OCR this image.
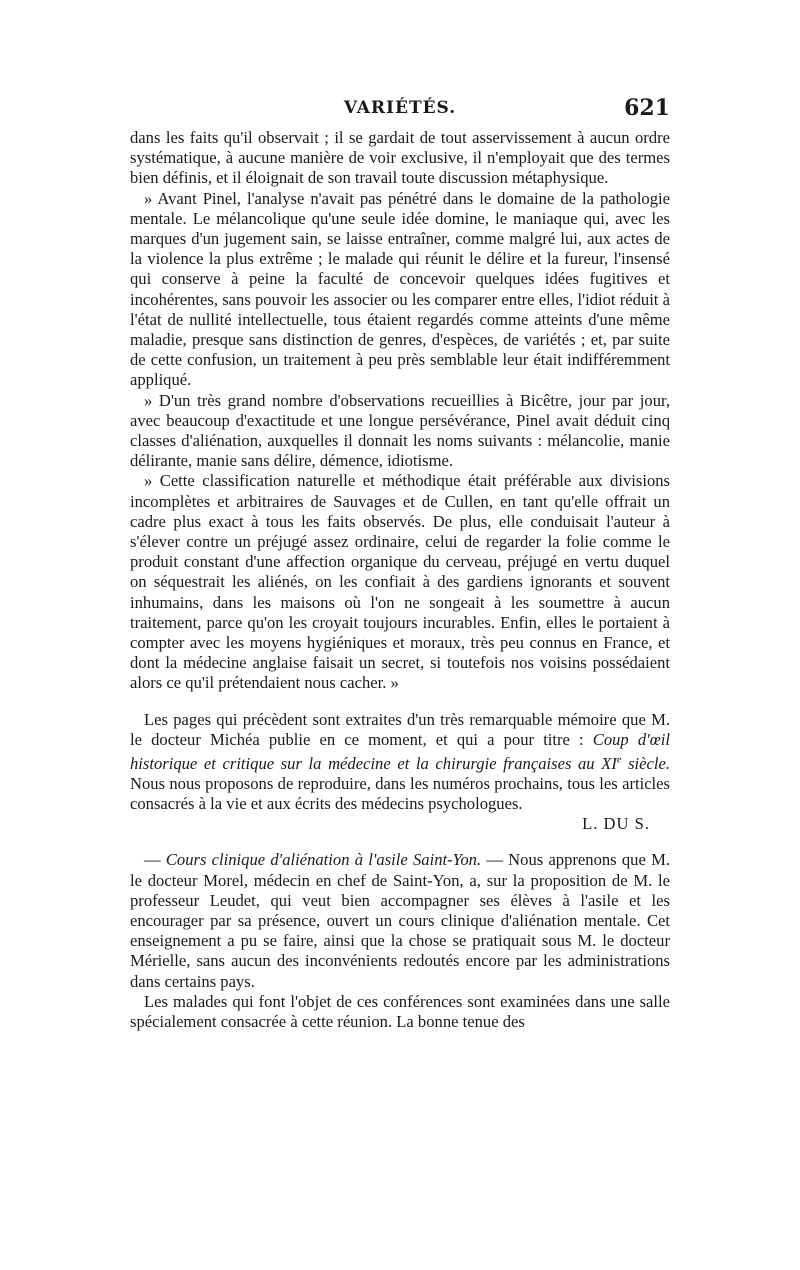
VARIÉTÉS.	621

dans les faits qu'il observait ; il se gardait de tout asservissement à aucun ordre systématique, à aucune manière de voir exclusive, il n'employait que des termes bien définis, et il éloignait de son travail toute discussion métaphysique.

» Avant Pinel, l'analyse n'avait pas pénétré dans le domaine de la pathologie mentale. Le mélancolique qu'une seule idée domine, le maniaque qui, avec les marques d'un jugement sain, se laisse entraîner, comme malgré lui, aux actes de la violence la plus extrême ; le malade qui réunit le délire et la fureur, l'insensé qui conserve à peine la faculté de concevoir quelques idées fugitives et incohérentes, sans pouvoir les associer ou les comparer entre elles, l'idiot réduit à l'état de nullité intellectuelle, tous étaient regardés comme atteints d'une même maladie, presque sans distinction de genres, d'espèces, de variétés ; et, par suite de cette confusion, un traitement à peu près semblable leur était indifféremment appliqué.

» D'un très grand nombre d'observations recueillies à Bicêtre, jour par jour, avec beaucoup d'exactitude et une longue persévérance, Pinel avait déduit cinq classes d'aliénation, auxquelles il donnait les noms suivants : mélancolie, manie délirante, manie sans délire, démence, idiotisme.

» Cette classification naturelle et méthodique était préférable aux divisions incomplètes et arbitraires de Sauvages et de Cullen, en tant qu'elle offrait un cadre plus exact à tous les faits observés. De plus, elle conduisait l'auteur à s'élever contre un préjugé assez ordinaire, celui de regarder la folie comme le produit constant d'une affection organique du cerveau, préjugé en vertu duquel on séquestrait les aliénés, on les confiait à des gardiens ignorants et souvent inhumains, dans les maisons où l'on ne songeait à les soumettre à aucun traitement, parce qu'on les croyait toujours incurables. Enfin, elles le portaient à compter avec les moyens hygiéniques et moraux, très peu connus en France, et dont la médecine anglaise faisait un secret, si toutefois nos voisins possédaient alors ce qu'il prétendaient nous cacher. »

Les pages qui précèdent sont extraites d'un très remarquable mémoire que M. le docteur Michéa publie en ce moment, et qui a pour titre : Coup d'œil historique et critique sur la médecine et la chirurgie françaises au XIe siècle. Nous nous proposons de reproduire, dans les numéros prochains, tous les articles consacrés à la vie et aux écrits des médecins psychologues.

L. DU S.

— Cours clinique d'aliénation à l'asile Saint-Yon. — Nous apprenons que M. le docteur Morel, médecin en chef de Saint-Yon, a, sur la proposition de M. le professeur Leudet, qui veut bien accompagner ses élèves à l'asile et les encourager par sa présence, ouvert un cours clinique d'aliénation mentale. Cet enseignement a pu se faire, ainsi que la chose se pratiquait sous M. le docteur Mérielle, sans aucun des inconvénients redoutés encore par les administrations dans certains pays.

Les malades qui font l'objet de ces conférences sont examinées dans une salle spécialement consacrée à cette réunion. La bonne tenue des
